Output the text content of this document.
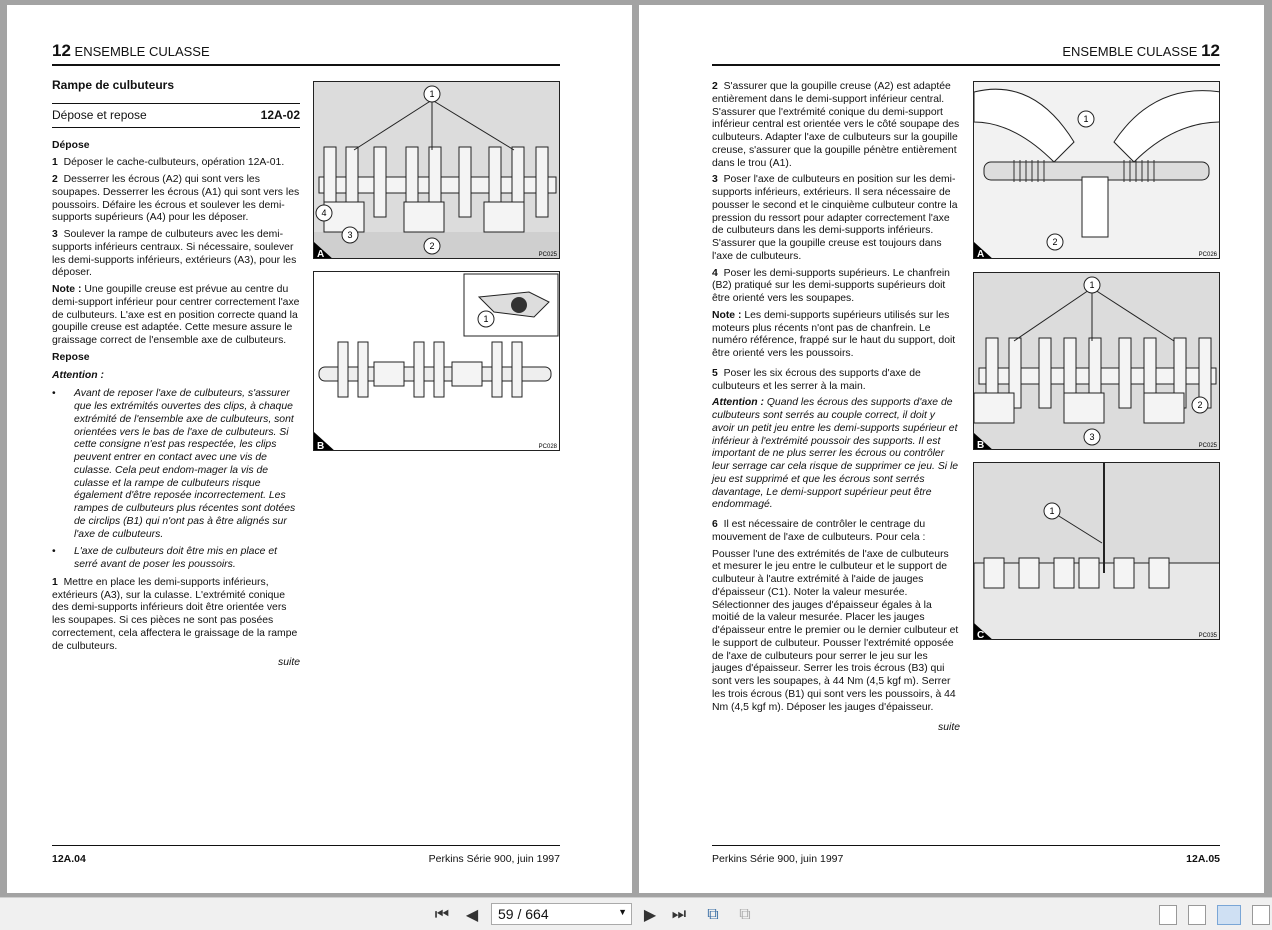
12 ENSEMBLE CULASSE
Rampe de culbuteurs
Dépose et repose	12A-02

Dépose

1 Déposer le cache-culbuteurs, opération 12A-01.

2 Desserrer les écrous (A2) qui sont vers les soupapes. Desserrer les écrous (A1) qui sont vers les poussoirs. Défaire les écrous et soulever les demi-supports supérieurs (A4) pour les déposer.

3 Soulever la rampe de culbuteurs avec les demi-supports inférieurs centraux. Si nécessaire, soulever les demi-supports inférieurs, extérieurs (A3), pour les déposer.

Note : Une goupille creuse est prévue au centre du demi-support inférieur pour centrer correctement l'axe de culbuteurs. L'axe est en position correcte quand la goupille creuse est adaptée. Cette mesure assure le graissage correct de l'ensemble axe de culbuteurs.

Repose

Attention :

•	Avant de reposer l'axe de culbuteurs, s'assurer que les extrémités ouvertes des clips, à chaque extrémité de l'ensemble axe de culbuteurs, sont orientées vers le bas de l'axe de culbuteurs. Si cette consigne n'est pas respectée, les clips peuvent entrer en contact avec une vis de culasse. Cela peut endom-mager la vis de culasse et la rampe de culbuteurs risque également d'être reposée incorrectement. Les rampes de culbuteurs plus récentes sont dotées de circlips (B1) qui n'ont pas à être alignés sur l'axe de culbuteurs.
•	L'axe de culbuteurs doit être mis en place et serré avant de poser les poussoirs.

1 Mettre en place les demi-supports inférieurs, extérieurs (A3), sur la culasse. L'extrémité conique des demi-supports inférieurs doit être orientée vers les soupapes. Si ces pièces ne sont pas posées correctement, cela affectera le graissage de la rampe de culbuteurs.

suite

1
2
3
4
A	PC025
1
B	PC028
12A.04	Perkins Série 900, juin 1997
ENSEMBLE CULASSE 12

2 S'assurer que la goupille creuse (A2) est adaptée entièrement dans le demi-support inférieur central. S'assurer que l'extrémité conique du demi-support inférieur central est orientée vers le côté soupape des culbuteurs. Adapter l'axe de culbuteurs sur la goupille creuse, s'assurer que la goupille pénètre entièrement dans le trou (A1).

3 Poser l'axe de culbuteurs en position sur les demi-supports inférieurs, extérieurs. Il sera nécessaire de pousser le second et le cinquième culbuteur contre la pression du ressort pour adapter correctement l'axe de culbuteurs dans les demi-supports inférieurs. S'assurer que la goupille creuse est toujours dans l'axe de culbuteurs.

4 Poser les demi-supports supérieurs. Le chanfrein (B2) pratiqué sur les demi-supports supérieurs doit être orienté vers les soupapes.

Note : Les demi-supports supérieurs utilisés sur les moteurs plus récents n'ont pas de chanfrein. Le numéro référence, frappé sur le haut du support, doit être orienté vers les poussoirs.

5 Poser les six écrous des supports d'axe de culbuteurs et les serrer à la main.

Attention : Quand les écrous des supports d'axe de culbuteurs sont serrés au couple correct, il doit y avoir un petit jeu entre les demi-supports supérieur et inférieur à l'extrémité poussoir des supports. Il est important de ne plus serrer les écrous ou contrôler leur serrage car cela risque de supprimer ce jeu. Si le jeu est supprimé et que les écrous sont serrés davantage, Le demi-support supérieur peut être endommagé.

6 Il est nécessaire de contrôler le centrage du mouvement de l'axe de culbuteurs. Pour cela :

Pousser l'une des extrémités de l'axe de culbuteurs et mesurer le jeu entre le culbuteur et le support de culbuteur à l'autre extrémité à l'aide de jauges d'épaisseur (C1). Noter la valeur mesurée. Sélectionner des jauges d'épaisseur égales à la moitié de la valeur mesurée. Placer les jauges d'épaisseur entre le premier ou le dernier culbuteur et le support de culbuteur. Pousser l'extrémité opposée de l'axe de culbuteurs pour serrer le jeu sur les jauges d'épaisseur. Serrer les trois écrous (B3) qui sont vers les soupapes, à 44 Nm (4,5 kgf m). Serrer les trois écrous (B1) qui sont vers les poussoirs, à 44 Nm (4,5 kgf m). Déposer les jauges d'épaisseur.

suite

1
2
A	PC026
1
2
3
B	PC025
1
C	PC035
Perkins Série 900, juin 1997	12A.05
⏮ ◀	59 / 664	▼ ▶ ⏭	⧉	⧉
